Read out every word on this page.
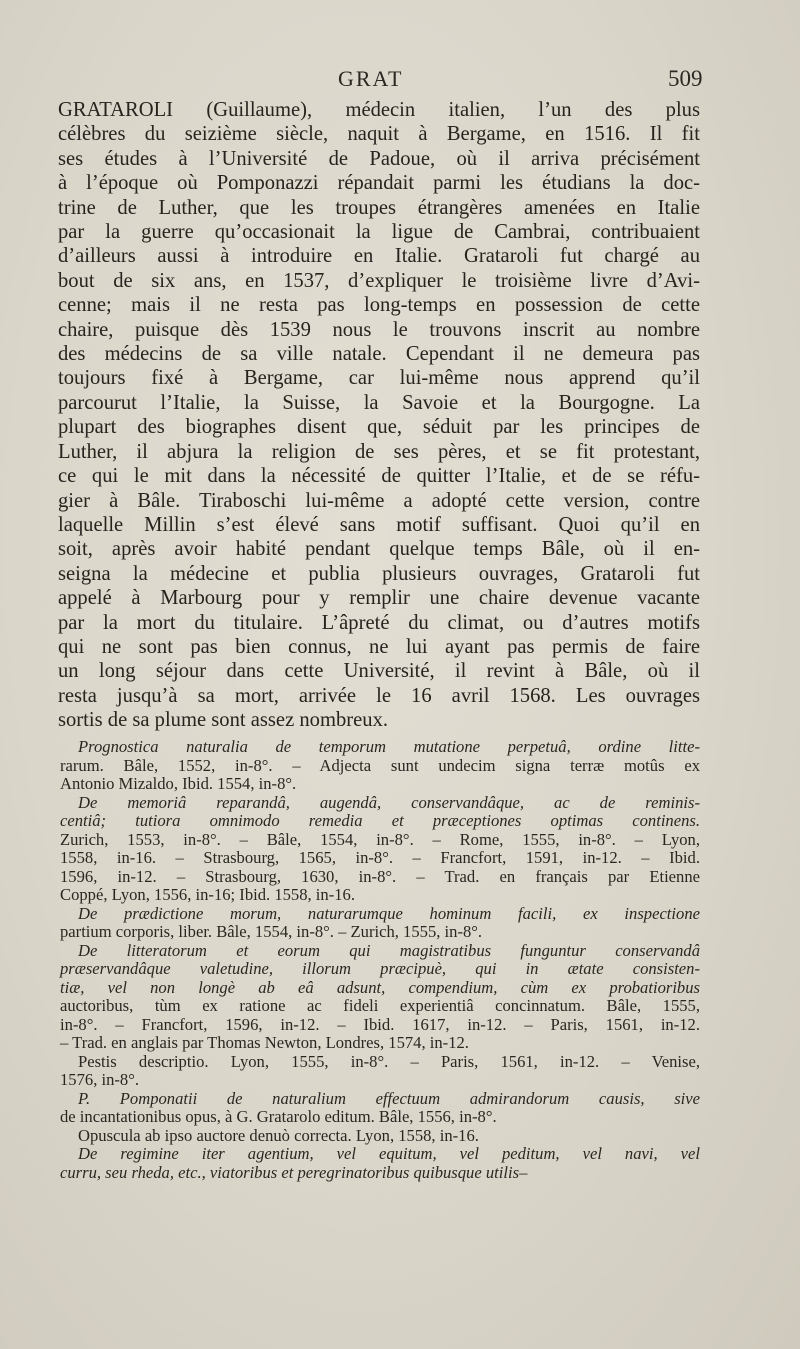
GRAT	509
GRATAROLI (Guillaume), médecin italien, l’un des plus
célèbres du seizième siècle, naquit à Bergame, en 1516. Il fit
ses études à l’Université de Padoue, où il arriva précisément
à l’époque où Pomponazzi répandait parmi les étudians la doc-
trine de Luther, que les troupes étrangères amenées en Italie
par la guerre qu’occasionait la ligue de Cambrai, contribuaient
d’ailleurs aussi à introduire en Italie. Grataroli fut chargé au
bout de six ans, en 1537, d’expliquer le troisième livre d’Avi-
cenne; mais il ne resta pas long-temps en possession de cette
chaire, puisque dès 1539 nous le trouvons inscrit au nombre
des médecins de sa ville natale. Cependant il ne demeura pas
toujours fixé à Bergame, car lui-même nous apprend qu’il
parcourut l’Italie, la Suisse, la Savoie et la Bourgogne. La
plupart des biographes disent que, séduit par les principes de
Luther, il abjura la religion de ses pères, et se fit protestant,
ce qui le mit dans la nécessité de quitter l’Italie, et de se réfu-
gier à Bâle. Tiraboschi lui-même a adopté cette version, contre
laquelle Millin s’est élevé sans motif suffisant. Quoi qu’il en
soit, après avoir habité pendant quelque temps Bâle, où il en-
seigna la médecine et publia plusieurs ouvrages, Grataroli fut
appelé à Marbourg pour y remplir une chaire devenue vacante
par la mort du titulaire. L’âpreté du climat, ou d’autres motifs
qui ne sont pas bien connus, ne lui ayant pas permis de faire
un long séjour dans cette Université, il revint à Bâle, où il
resta jusqu’à sa mort, arrivée le 16 avril 1568. Les ouvrages
sortis de sa plume sont assez nombreux.
Prognostica naturalia de temporum mutatione perpetuâ, ordine litte-
rarum. Bâle, 1552, in-8°. – Adjecta sunt undecim signa terræ motûs ex
Antonio Mizaldo, Ibid. 1554, in-8°.
De memoriâ reparandâ, augendâ, conservandâque, ac de reminis-
centiâ; tutiora omnimodo remedia et præceptiones optimas continens.
Zurich, 1553, in-8°. – Bâle, 1554, in-8°. – Rome, 1555, in-8°. – Lyon,
1558, in-16. – Strasbourg, 1565, in-8°. – Francfort, 1591, in-12. – Ibid.
1596, in-12. – Strasbourg, 1630, in-8°. – Trad. en français par Etienne
Coppé, Lyon, 1556, in-16; Ibid. 1558, in-16.
De prædictione morum, naturarumque hominum facili, ex inspectione
partium corporis, liber. Bâle, 1554, in-8°. – Zurich, 1555, in-8°.
De litteratorum et eorum qui magistratibus funguntur conservandâ
præservandâque valetudine, illorum præcipuè, qui in ætate consisten-
tiæ, vel non longè ab eâ adsunt, compendium, cùm ex probatioribus
auctoribus, tùm ex ratione ac fideli experientiâ concinnatum. Bâle, 1555,
in-8°. – Francfort, 1596, in-12. – Ibid. 1617, in-12. – Paris, 1561, in-12.
– Trad. en anglais par Thomas Newton, Londres, 1574, in-12.
Pestis descriptio. Lyon, 1555, in-8°. – Paris, 1561, in-12. – Venise,
1576, in-8°.
P. Pomponatii de naturalium effectuum admirandorum causis, sive
de incantationibus opus, à G. Gratarolo editum. Bâle, 1556, in-8°.
Opuscula ab ipso auctore denuò correcta. Lyon, 1558, in-16.
De regimine iter agentium, vel equitum, vel peditum, vel navi, vel
curru, seu rheda, etc., viatoribus et peregrinatoribus quibusque utilis–
